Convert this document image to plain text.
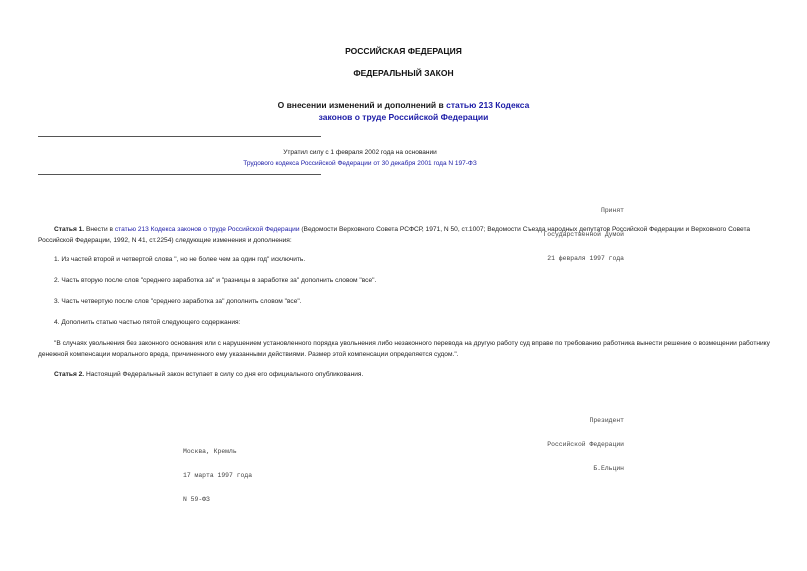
РОССИЙСКАЯ ФЕДЕРАЦИЯ
ФЕДЕРАЛЬНЫЙ ЗАКОН
О внесении изменений и дополнений в статью 213 Кодекса
законов о труде Российской Федерации
Утратил силу с 1 февраля 2002 года на основании
Трудового кодекса Российской Федерации от 30 декабря 2001 года N 197-ФЗ

Принят

Государственной Думой

21 февраля 1997 года

Статья 1. Внести в статью 213 Кодекса законов о труде Российской Федерации (Ведомости Верховного Совета РСФСР, 1971, N 50, ст.1007; Ведомости Съезда народных депутатов Российской Федерации и Верховного Совета Российской Федерации, 1992, N 41, ст.2254) следующие изменения и дополнения:
1. Из частей второй и четвертой слова ", но не более чем за один год" исключить.
2. Часть вторую после слов "среднего заработка за" и "разницы в заработке за" дополнить словом "все".
3. Часть четвертую после слов "среднего заработка за" дополнить словом "все".
4. Дополнить статью частью пятой следующего содержания:
"В случаях увольнения без законного основания или с нарушением установленного порядка увольнения либо незаконного перевода на другую работу суд вправе по требованию работника вынести решение о возмещении работнику денежной компенсации морального вреда, причиненного ему указанными действиями. Размер этой компенсации определяется судом.".
Статья 2. Настоящий Федеральный закон вступает в силу со дня его официального опубликования.

Президент

Российской Федерации

Б.Ельцин

Москва, Кремль

17 марта 1997 года

N 59-ФЗ
